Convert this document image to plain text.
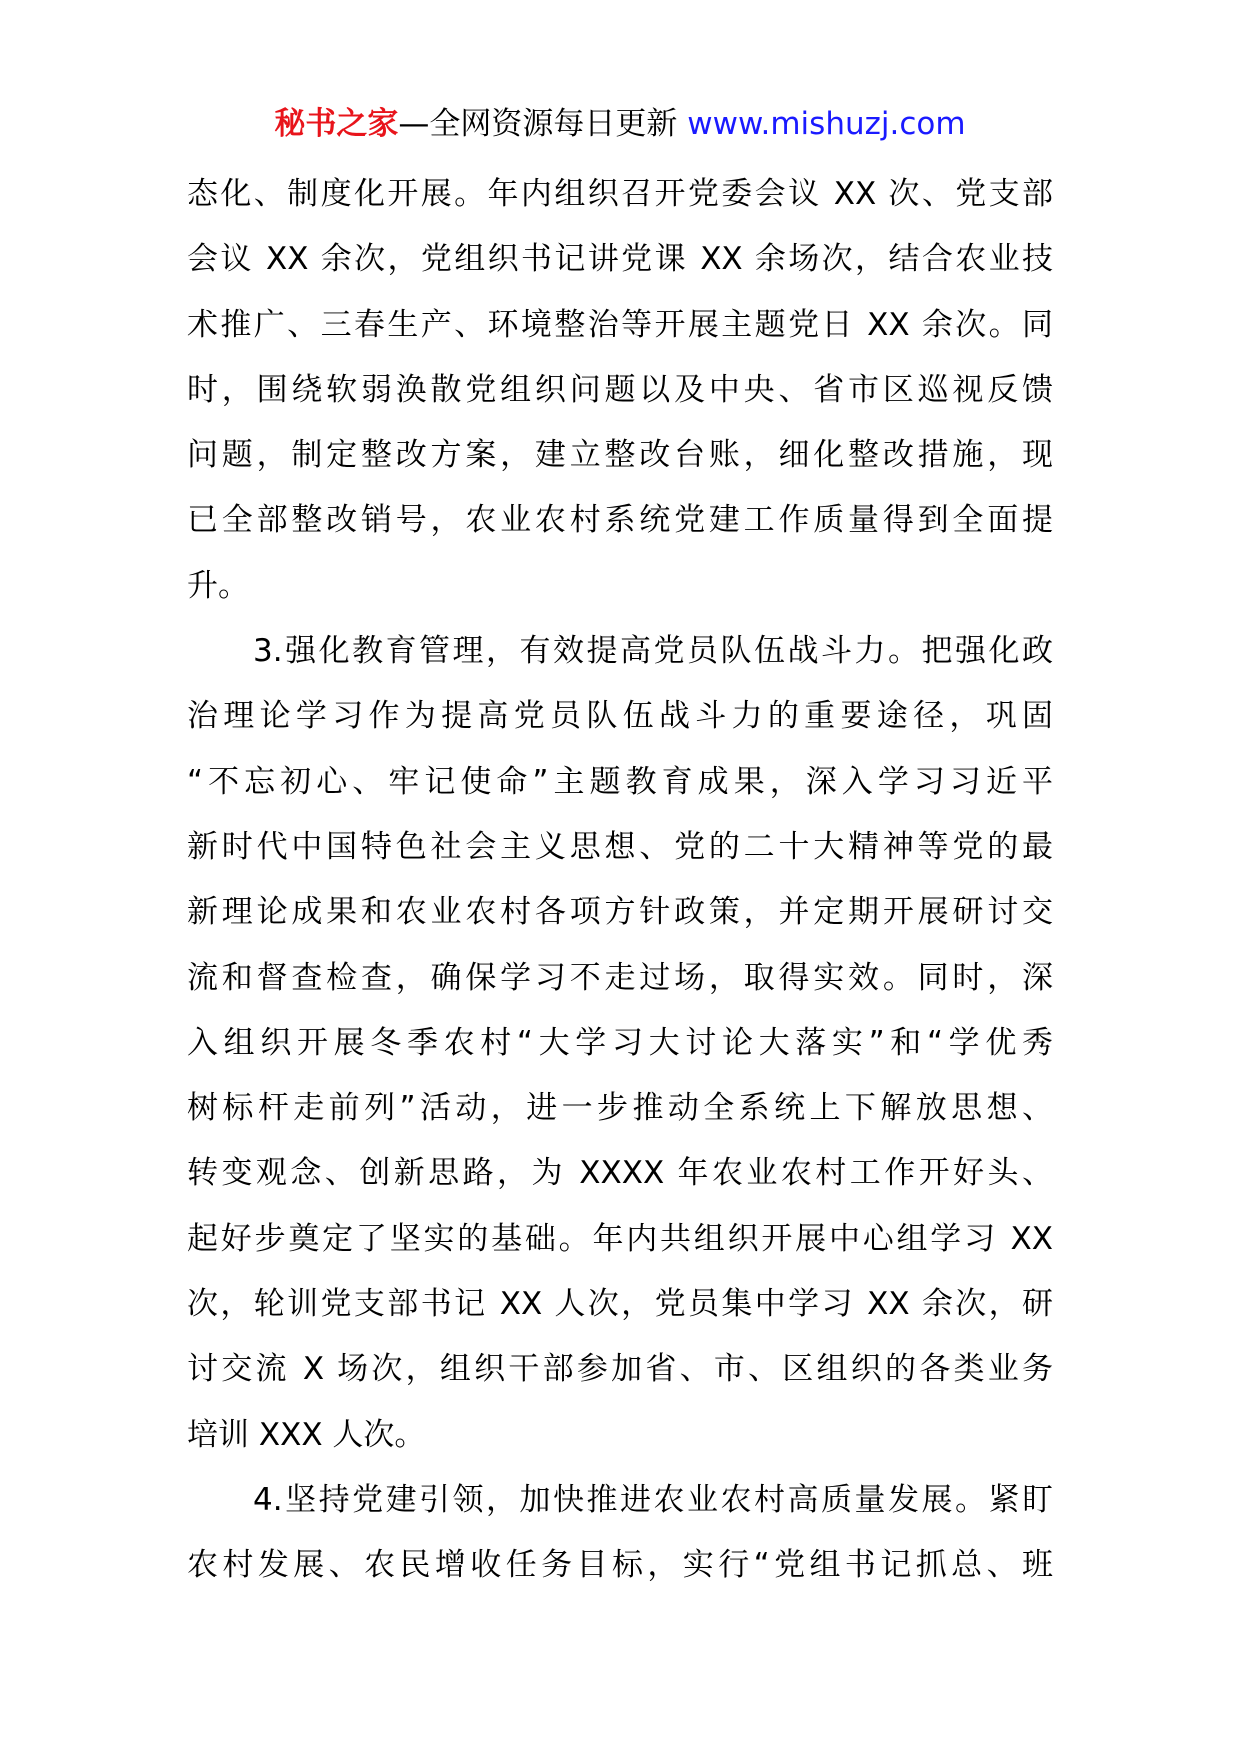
秘书之家—全网资源每日更新 www.mishuzj.com
态化、制度化开展。年内组织召开党委会议 XX 次、党支部
会议 XX 余次，党组织书记讲党课 XX 余场次，结合农业技
术推广、三春生产、环境整治等开展主题党日 XX 余次。同
时，围绕软弱涣散党组织问题以及中央、省市区巡视反馈
问题，制定整改方案，建立整改台账，细化整改措施，现
已全部整改销号，农业农村系统党建工作质量得到全面提
升。
3.强化教育管理，有效提高党员队伍战斗力。把强化政
治理论学习作为提高党员队伍战斗力的重要途径，巩固
“不忘初心、牢记使命”主题教育成果，深入学习习近平
新时代中国特色社会主义思想、党的二十大精神等党的最
新理论成果和农业农村各项方针政策，并定期开展研讨交
流和督查检查，确保学习不走过场，取得实效。同时，深
入组织开展冬季农村“大学习大讨论大落实”和“学优秀
树标杆走前列”活动，进一步推动全系统上下解放思想、
转变观念、创新思路，为 XXXX 年农业农村工作开好头、
起好步奠定了坚实的基础。年内共组织开展中心组学习 XX
次，轮训党支部书记 XX 人次，党员集中学习 XX 余次，研
讨交流 X 场次，组织干部参加省、市、区组织的各类业务
培训 XXX 人次。
4.坚持党建引领，加快推进农业农村高质量发展。紧盯
农村发展、农民增收任务目标，实行“党组书记抓总、班
